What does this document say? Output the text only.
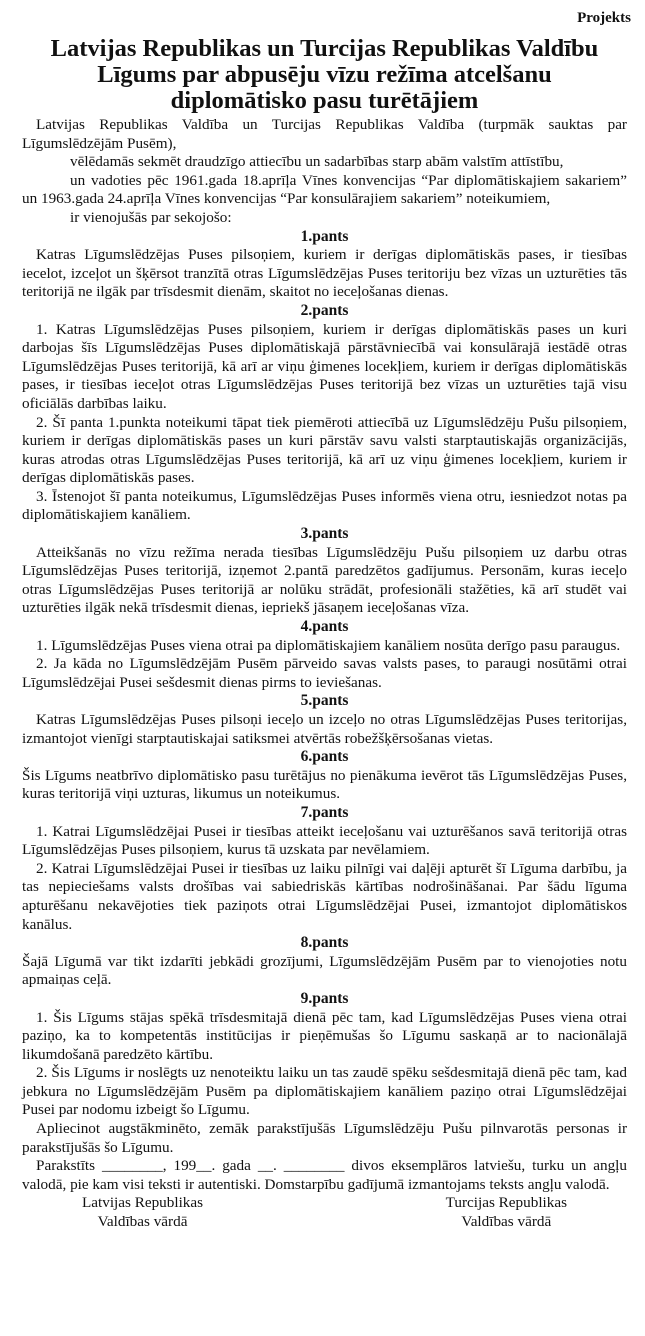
Projekts
Latvijas Republikas un Turcijas Republikas Valdību
Līgums par abpusēju vīzu režīma atcelšanu
diplomātisko pasu turētājiem

Latvijas Republikas Valdība un Turcijas Republikas Valdība (turpmāk sauktas par Līgumslēdzējām Pusēm),

vēlēdamās sekmēt draudzīgo attiecību un sadarbības starp abām valstīm attīstību,

un vadoties pēc 1961.gada 18.aprīļa Vīnes konvencijas “Par diplomātiskajiem sakariem” un 1963.gada 24.aprīļa Vīnes konvencijas “Par konsulārajiem sakariem” noteikumiem,

ir vienojušās par sekojošo:

1.pants

Katras Līgumslēdzējas Puses pilsoņiem, kuriem ir derīgas diplomātiskās pases, ir tiesības iecelot, izceļot un šķērsot tranzītā otras Līgumslēdzējas Puses teritoriju bez vīzas un uzturēties tās teritorijā ne ilgāk par trīsdesmit dienām, skaitot no ieceļošanas dienas.

2.pants

1. Katras Līgumslēdzējas Puses pilsoņiem, kuriem ir derīgas diplomātiskās pases un kuri darbojas šīs Līgumslēdzējas Puses diplomātiskajā pārstāvniecībā vai konsulārajā iestādē otras Līgumslēdzējas Puses teritorijā, kā arī ar viņu ģimenes locekļiem, kuriem ir derīgas diplomātiskās pases, ir tiesības ieceļot otras Līgumslēdzējas Puses teritorijā bez vīzas un uzturēties tajā visu oficiālās darbības laiku.

2. Šī panta 1.punkta noteikumi tāpat tiek piemēroti attiecībā uz Līgumslēdzēju Pušu pilsoņiem, kuriem ir derīgas diplomātiskās pases un kuri pārstāv savu valsti starptautiskajās organizācijās, kuras atrodas otras Līgumslēdzējas Puses teritorijā, kā arī uz viņu ģimenes locekļiem, kuriem ir derīgas diplomātiskās pases.

3. Īstenojot šī panta noteikumus, Līgumslēdzējas Puses informēs viena otru, iesniedzot notas pa diplomātiskajiem kanāliem.

3.pants

Atteikšanās no vīzu režīma nerada tiesības Līgumslēdzēju Pušu pilsoņiem uz darbu otras Līgumslēdzējas Puses teritorijā, izņemot 2.pantā paredzētos gadījumus. Personām, kuras ieceļo otras Līgumslēdzējas Puses teritorijā ar nolūku strādāt, profesionāli stažēties, kā arī studēt vai uzturēties ilgāk nekā trīsdesmit dienas, iepriekš jāsaņem ieceļošanas vīza.

4.pants

1. Līgumslēdzējas Puses viena otrai pa diplomātiskajiem kanāliem nosūta derīgo pasu paraugus.

2. Ja kāda no Līgumslēdzējām Pusēm pārveido savas valsts pases, to paraugi nosūtāmi otrai Līgumslēdzējai Pusei sešdesmit dienas pirms to ieviešanas.

5.pants

Katras Līgumslēdzējas Puses pilsoņi ieceļo un izceļo no otras Līgumslēdzējas Puses teritorijas, izmantojot vienīgi starptautiskajai satiksmei atvērtās robežšķērsošanas vietas.

6.pants

Šis Līgums neatbrīvo diplomātisko pasu turētājus no pienākuma ievērot tās Līgumslēdzējas Puses, kuras teritorijā viņi uzturas, likumus un noteikumus.

7.pants

1. Katrai Līgumslēdzējai Pusei ir tiesības atteikt ieceļošanu vai uzturēšanos savā teritorijā otras Līgumslēdzējas Puses pilsoņiem, kurus tā uzskata par nevēlamiem.

2. Katrai Līgumslēdzējai Pusei ir tiesības uz laiku pilnīgi vai daļēji apturēt šī Līguma darbību, ja tas nepieciešams valsts drošības vai sabiedriskās kārtības nodrošināšanai. Par šādu līguma apturēšanu nekavējoties tiek paziņots otrai Līgumslēdzējai Pusei, izmantojot diplomātiskos kanālus.

8.pants

Šajā Līgumā var tikt izdarīti jebkādi grozījumi, Līgumslēdzējām Pusēm par to vienojoties notu apmaiņas ceļā.

9.pants

1. Šis Līgums stājas spēkā trīsdesmitajā dienā pēc tam, kad Līgumslēdzējas Puses viena otrai paziņo, ka to kompetentās institūcijas ir pieņēmušas šo Līgumu saskaņā ar to nacionālajā likumdošanā paredzēto kārtību.

2. Šis Līgums ir noslēgts uz nenoteiktu laiku un tas zaudē spēku sešdesmitajā dienā pēc tam, kad jebkura no Līgumslēdzējām Pusēm pa diplomātiskajiem kanāliem paziņo otrai Līgumslēdzējai Pusei par nodomu izbeigt šo Līgumu.

Apliecinot augstākminēto, zemāk parakstījušās Līgumslēdzēju Pušu pilnvarotās personas ir parakstījušās šo Līgumu.

Parakstīts ________, 199__. gada __. ________ divos eksemplāros latviešu, turku un angļu valodā, pie kam visi teksti ir autentiski. Domstarpību gadījumā izmantojams teksts angļu valodā.

Latvijas Republikas
Valdības vārdā
Turcijas Republikas
Valdības vārdā
